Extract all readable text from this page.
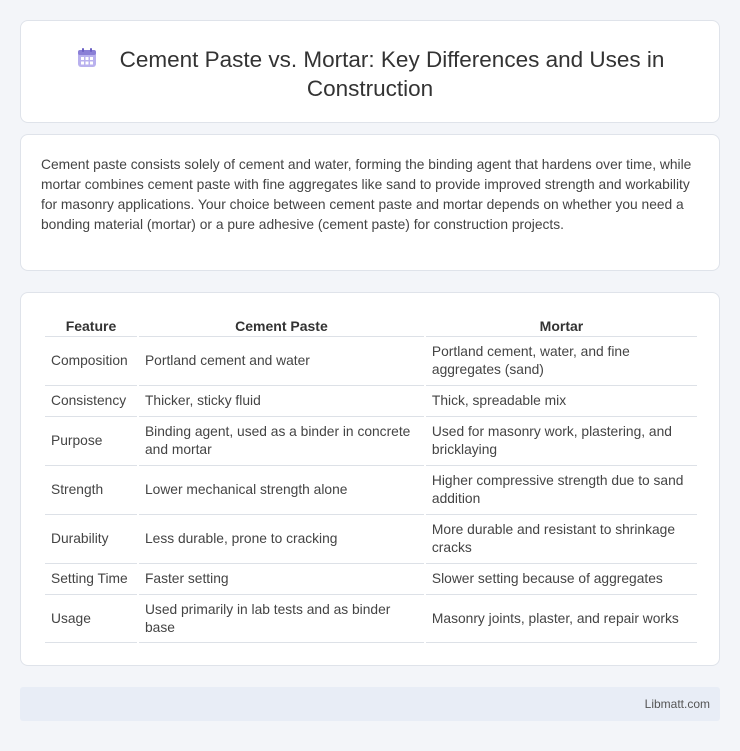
Cement Paste vs. Mortar: Key Differences and Uses in Construction

Cement paste consists solely of cement and water, forming the binding agent that hardens over time, while mortar combines cement paste with fine aggregates like sand to provide improved strength and workability for masonry applications. Your choice between cement paste and mortar depends on whether you need a bonding material (mortar) or a pure adhesive (cement paste) for construction projects.

Feature	Cement Paste	Mortar
Composition	Portland cement and water	Portland cement, water, and fine aggregates (sand)
Consistency	Thicker, sticky fluid	Thick, spreadable mix
Purpose	Binding agent, used as a binder in concrete and mortar	Used for masonry work, plastering, and bricklaying
Strength	Lower mechanical strength alone	Higher compressive strength due to sand addition
Durability	Less durable, prone to cracking	More durable and resistant to shrinkage cracks
Setting Time	Faster setting	Slower setting because of aggregates
Usage	Used primarily in lab tests and as binder base	Masonry joints, plaster, and repair works
Libmatt.com
